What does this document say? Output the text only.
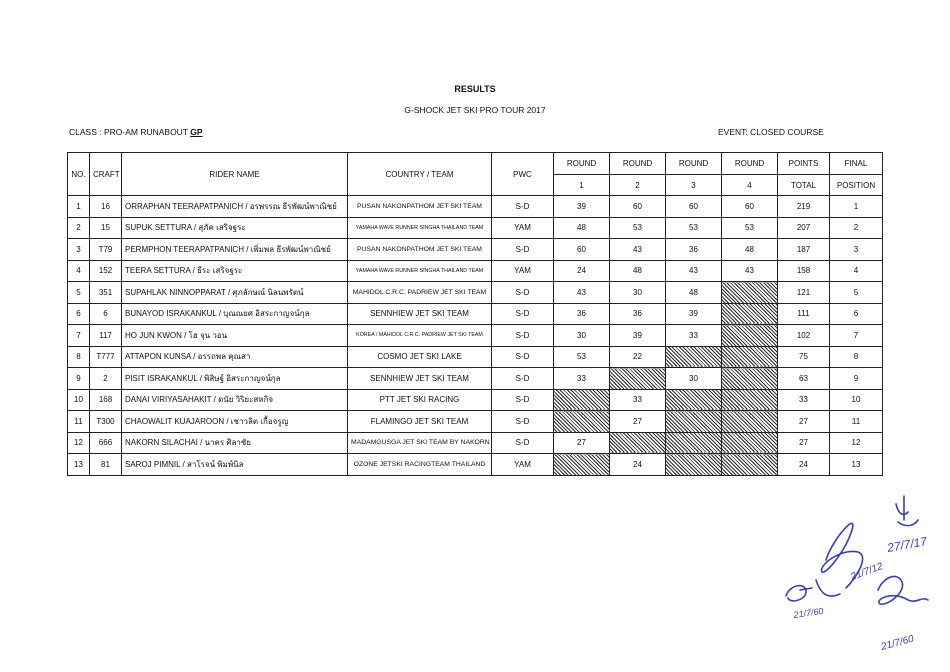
RESULTS
G-SHOCK JET SKI PRO TOUR 2017
CLASS : PRO-AM RUNABOUT GP	EVENT: CLOSED COURSE
NO.	CRAFT	RIDER NAME	COUNTRY / TEAM	PWC	ROUND	ROUND	ROUND	ROUND	POINTS	FINAL
					1	2	3	4	TOTAL	POSITION
1	16	ORRAPHAN TEERAPATPANICH / อรพรรณ ธีรพัฒน์พาณิชย์	PUSAN NAKONPATHOM JET SKI TEAM	S-D	39	60	60	60	219	1
2	15	SUPUK SETTURA / สุภัค เสริจฐระ	YAMAHA WAVE RUNNER SINGHA THAILAND TEAM	YAM	48	53	53	53	207	2
3	T79	PERMPHON TEERAPATPANICH / เพิ่มพล ธีรพัฒน์พาณิชย์	PUSAN NAKONPATHOM JET SKI TEAM	S-D	60	43	36	48	187	3
4	152	TEERA SETTURA / ธีระ เสริจฐระ	YAMAHA WAVE RUNNER SINGHA THAILAND TEAM	YAM	24	48	43	43	158	4
5	351	SUPAHLAK NINNOPPARAT / ศุภลักษณ์ นิลนพรัตน์	MAHIDOL C.R.C. PADRIEW JET SKI TEAM	S-D	43	30	48		121	5
6	6	BUNAYOD ISRAKANKUL / บุณณยศ อิสระกาญจน์กุล	SENNHIEW JET SKI TEAM	S-D	36	36	39		111	6
7	117	HO JUN KWON / โฮ จุน วอน	KOREA / MAHIDOL C.R.C. PADRIEW JET SKI TEAM	S-D	30	39	33		102	7
8	T777	ATTAPON KUNSA / อรรถพล คุณสา	COSMO JET SKI LAKE	S-D	53	22			75	8
9	2	PISIT ISRAKANKUL / พิสิษฐ์ อิสระกาญจน์กุล	SENNHIEW JET SKI TEAM	S-D	33		30		63	9
10	168	DANAI VIRIYASAHAKIT / ดนัย วิริยะสหกิจ	PTT JET SKI RACING	S-D		33			33	10
11	T300	CHAOWALIT KUAJAROON / เชาวลิต เกื้อจรูญ	FLAMINGO JET SKI TEAM	S-D		27			27	11
12	666	NAKORN SILACHAI / นาคร ศิลาชัย	MADAMGUSGA JET SKI TEAM BY NAKORN	S-D	27				27	12
13	81	SAROJ PIMNIL / สาโรจน์ พิมพ์นิล	OZONE JETSKI RACINGTEAM THAILAND	YAM		24			24	13
21/7/12
21/7/60
21/7/60
27/7/17
